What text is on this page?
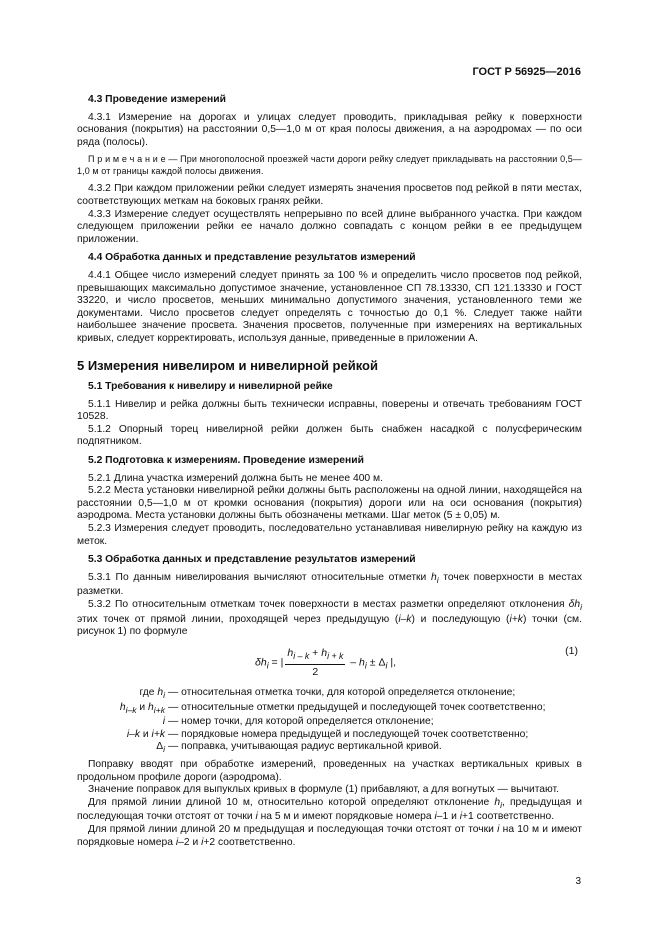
ГОСТ Р 56925—2016

4.3 Проведение измерений

4.3.1 Измерение на дорогах и улицах следует проводить, прикладывая рейку к поверхности основания (покрытия) на расстоянии 0,5—1,0 м от края полосы движения, а на аэродромах — по оси ряда (полосы).

П р и м е ч а н и е — При многополосной проезжей части дороги рейку следует прикладывать на расстоянии 0,5—1,0 м от границы каждой полосы движения.

4.3.2 При каждом приложении рейки следует измерять значения просветов под рейкой в пяти местах, соответствующих меткам на боковых гранях рейки.

4.3.3 Измерение следует осуществлять непрерывно по всей длине выбранного участка. При каждом следующем приложении рейки ее начало должно совпадать с концом рейки в ее предыдущем приложении.

4.4 Обработка данных и представление результатов измерений

4.4.1 Общее число измерений следует принять за 100 % и определить число просветов под рейкой, превышающих максимально допустимое значение, установленное СП 78.13330, СП 121.13330 и ГОСТ 33220, и число просветов, меньших минимально допустимого значения, установленного теми же документами. Число просветов следует определять с точностью до 0,1 %. Следует также найти наибольшее значение просвета. Значения просветов, полученные при измерениях на вертикальных кривых, следует корректировать, используя данные, приведенные в приложении А.

5 Измерения нивелиром и нивелирной рейкой

5.1 Требования к нивелиру и нивелирной рейке

5.1.1 Нивелир и рейка должны быть технически исправны, поверены и отвечать требованиям ГОСТ 10528.

5.1.2 Опорный торец нивелирной рейки должен быть снабжен насадкой с полусферическим подпятником.

5.2 Подготовка к измерениям. Проведение измерений

5.2.1 Длина участка измерений должна быть не менее 400 м.

5.2.2 Места установки нивелирной рейки должны быть расположены на одной линии, находящейся на расстоянии 0,5—1,0 м от кромки основания (покрытия) дороги или на оси основания (покрытия) аэродрома. Места установки должны быть обозначены метками. Шаг меток (5 ± 0,05) м.

5.2.3 Измерения следует проводить, последовательно устанавливая нивелирную рейку на каждую из меток.

5.3 Обработка данных и представление результатов измерений

5.3.1 По данным нивелирования вычисляют относительные отметки $h_i$ точек поверхности в местах разметки.

5.3.2 По относительным отметкам точек поверхности в местах разметки определяют отклонения $\delta h_i$ этих точек от прямой линии, проходящей через предыдущую (i–k) и последующую (i+k) точки (см. рисунок 1) по формуле

$\delta h_i$ = | $\frac{h_{i - k} + h_{i + k}}{2} - h_i \pm \Delta_i$ |,
(1)
где $h_i$ — относительная отметка точки, для которой определяется отклонение;
$h_{i-k}$ и $h_{i+k}$ — относительные отметки предыдущей и последующей точек соответственно;
i — номер точки, для которой определяется отклонение;
i–k и i+k — порядковые номера предыдущей и последующей точек соответственно;
$\Delta_i$ — поправка, учитывающая радиус вертикальной кривой.

Поправку вводят при обработке измерений, проведенных на участках вертикальных кривых в продольном профиле дороги (аэродрома).

Значение поправок для выпуклых кривых в формуле (1) прибавляют, а для вогнутых — вычитают.

Для прямой линии длиной 10 м, относительно которой определяют отклонение $h_i$, предыдущая и последующая точки отстоят от точки i на 5 м и имеют порядковые номера i–1 и i+1 соответственно.

Для прямой линии длиной 20 м предыдущая и последующая точки отстоят от точки i на 10 м и имеют порядковые номера i–2 и i+2 соответственно.

3
